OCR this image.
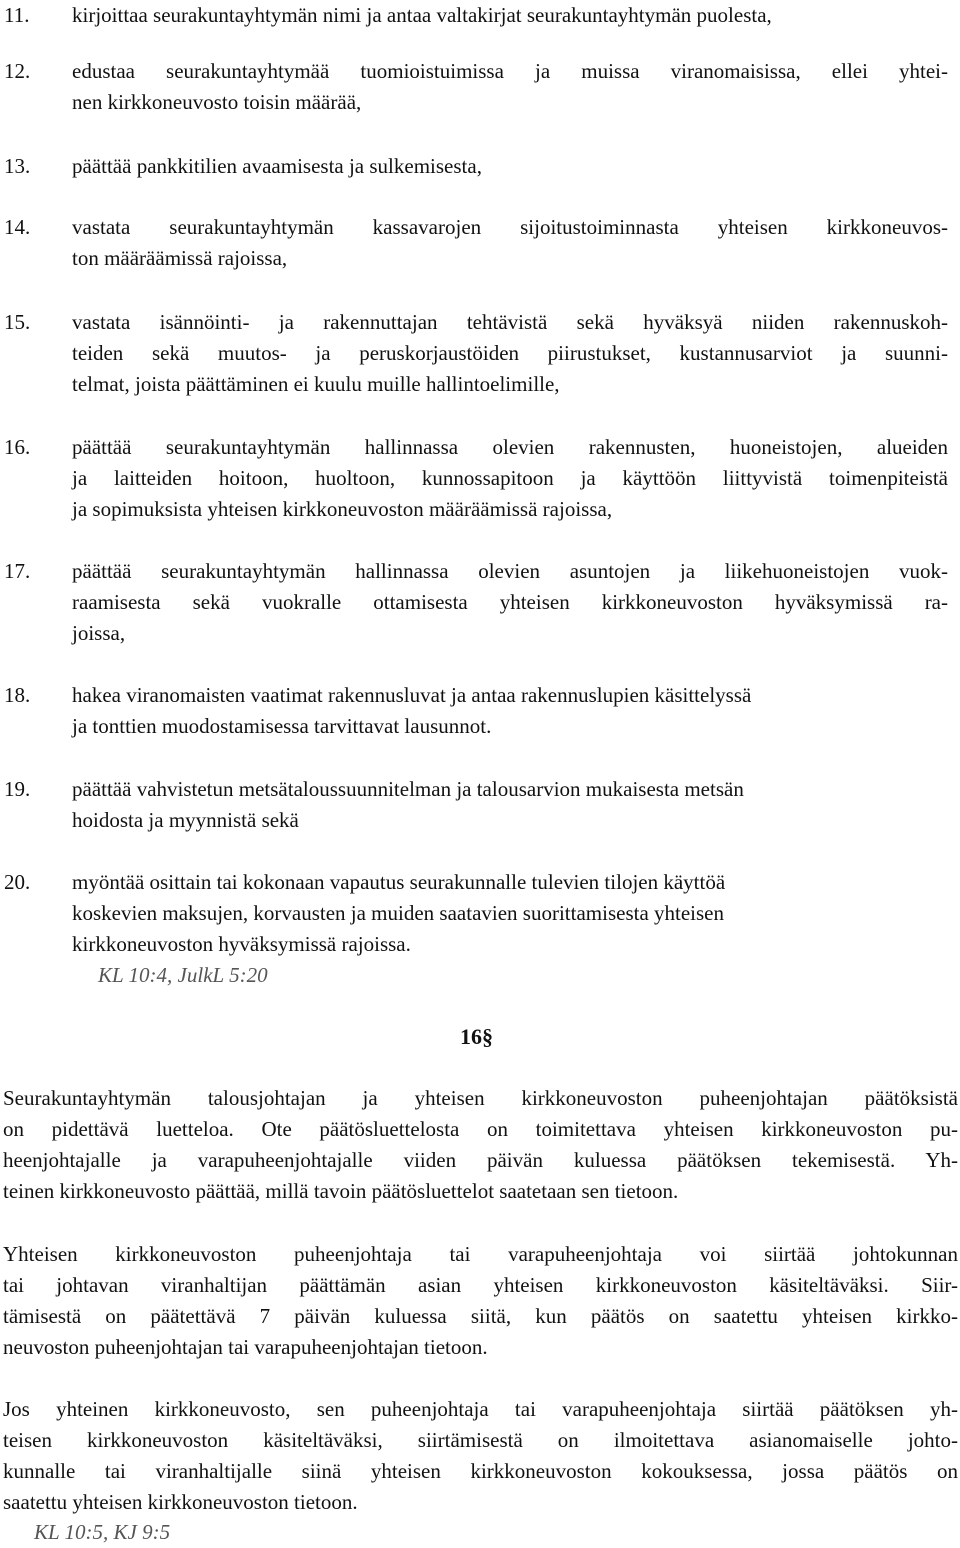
11. kirjoittaa seurakuntayhtymän nimi ja antaa valtakirjat seurakuntayhtymän puolesta,
12. edustaa seurakuntayhtymää tuomioistuimissa ja muissa viranomaisissa, ellei yhtei-
nen kirkkoneuvosto toisin määrää,
13. päättää pankkitilien avaamisesta ja sulkemisesta,
14. vastata seurakuntayhtymän kassavarojen sijoitustoiminnasta yhteisen kirkkoneuvos-
ton määräämissä rajoissa,
15. vastata isännöinti- ja rakennuttajan tehtävistä sekä hyväksyä niiden rakennuskoh-
teiden sekä muutos- ja peruskorjaustöiden piirustukset, kustannusarviot ja suunni-
telmat, joista päättäminen ei kuulu muille hallintoelimille,
16. päättää seurakuntayhtymän hallinnassa olevien rakennusten, huoneistojen, alueiden
ja laitteiden hoitoon, huoltoon, kunnossapitoon ja käyttöön liittyvistä toimenpiteistä
ja sopimuksista yhteisen kirkkoneuvoston määräämissä rajoissa,
17. päättää seurakuntayhtymän hallinnassa olevien asuntojen ja liikehuoneistojen vuok-
raamisesta sekä vuokralle ottamisesta yhteisen kirkkoneuvoston hyväksymissä ra-
joissa,
18. hakea viranomaisten vaatimat rakennusluvat ja antaa rakennuslupien käsittelyssä
ja tonttien muodostamisessa tarvittavat lausunnot.
19. päättää vahvistetun metsätaloussuunnitelman ja talousarvion mukaisesta metsän
hoidosta ja myynnistä sekä
20. myöntää osittain tai kokonaan vapautus seurakunnalle tulevien tilojen käyttöä
koskevien maksujen, korvausten ja muiden saatavien suorittamisesta yhteisen
kirkkoneuvoston hyväksymissä rajoissa.
KL 10:4, JulkL 5:20
16§
Seurakuntayhtymän talousjohtajan ja yhteisen kirkkoneuvoston puheenjohtajan päätöksistä
on pidettävä luetteloa. Ote päätösluettelosta on toimitettava yhteisen kirkkoneuvoston pu-
heenjohtajalle ja varapuheenjohtajalle viiden päivän kuluessa päätöksen tekemisestä. Yh-
teinen kirkkoneuvosto päättää, millä tavoin päätösluettelot saatetaan sen tietoon.
Yhteisen kirkkoneuvoston puheenjohtaja tai varapuheenjohtaja voi siirtää johtokunnan
tai johtavan viranhaltijan päättämän asian yhteisen kirkkoneuvoston käsiteltäväksi. Siir-
tämisestä on päätettävä 7 päivän kuluessa siitä, kun päätös on saatettu yhteisen kirkko-
neuvoston puheenjohtajan tai varapuheenjohtajan tietoon.
Jos yhteinen kirkkoneuvosto, sen puheenjohtaja tai varapuheenjohtaja siirtää päätöksen yh-
teisen kirkkoneuvoston käsiteltäväksi, siirtämisestä on ilmoitettava asianomaiselle johto-
kunnalle tai viranhaltijalle siinä yhteisen kirkkoneuvoston kokouksessa, jossa päätös on
saatettu yhteisen kirkkoneuvoston tietoon.
KL 10:5, KJ 9:5
